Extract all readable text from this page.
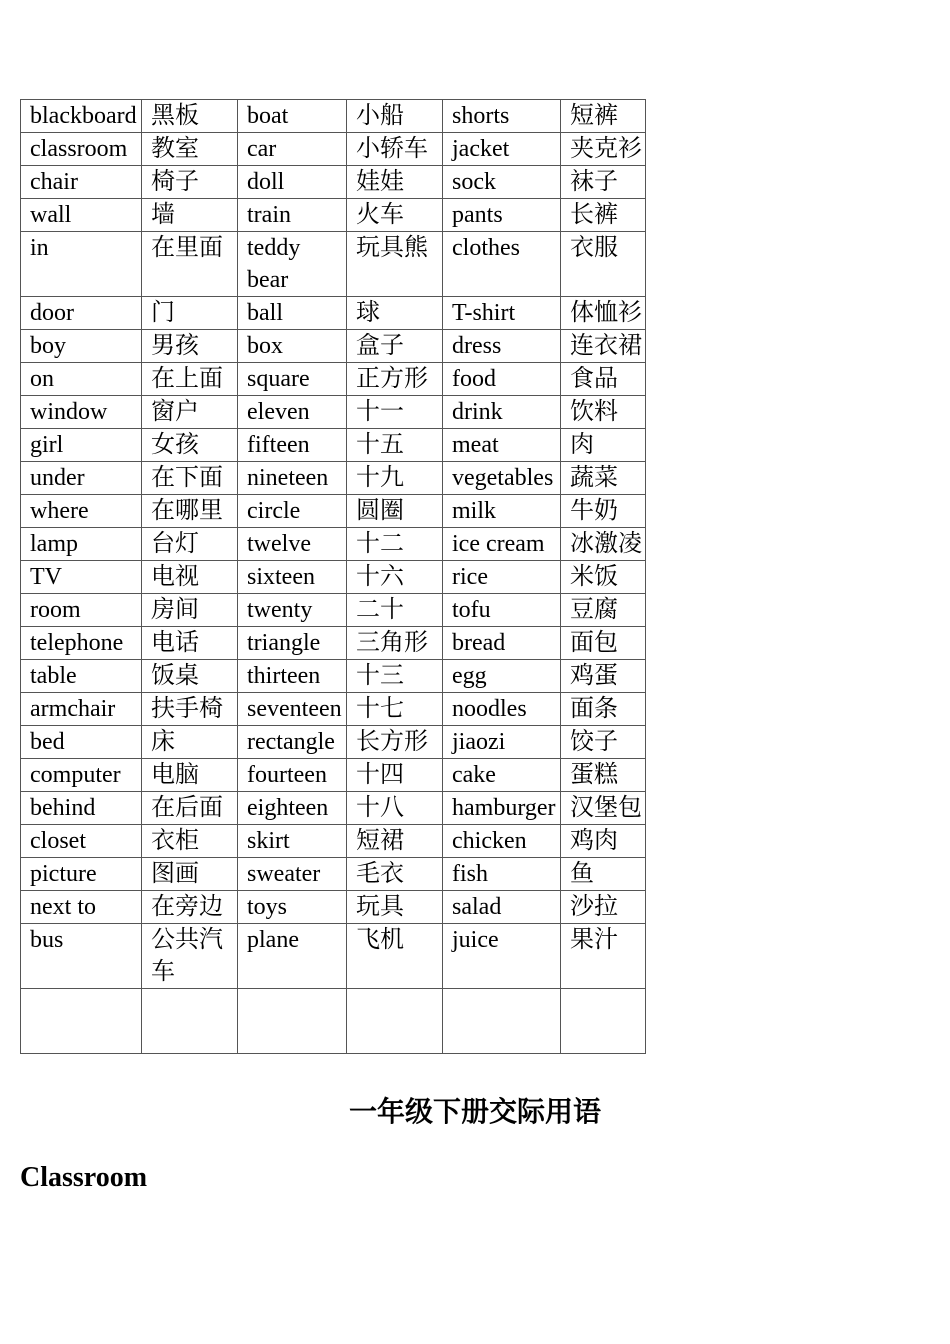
blackboard	黑板	boat	小船	shorts	短裤
classroom	教室	car	小轿车	jacket	夹克衫
chair	椅子	doll	娃娃	sock	袜子
wall	墙	train	火车	pants	长裤
in	在里面	teddy bear	玩具熊	clothes	衣服
door	门	ball	球	T-shirt	体恤衫
boy	男孩	box	盒子	dress	连衣裙
on	在上面	square	正方形	food	食品
window	窗户	eleven	十一	drink	饮料
girl	女孩	fifteen	十五	meat	肉
under	在下面	nineteen	十九	vegetables	蔬菜
where	在哪里	circle	圆圈	milk	牛奶
lamp	台灯	twelve	十二	ice cream	冰激凌
TV	电视	sixteen	十六	rice	米饭
room	房间	twenty	二十	tofu	豆腐
telephone	电话	triangle	三角形	bread	面包
table	饭桌	thirteen	十三	egg	鸡蛋
armchair	扶手椅	seventeen	十七	noodles	面条
bed	床	rectangle	长方形	jiaozi	饺子
computer	电脑	fourteen	十四	cake	蛋糕
behind	在后面	eighteen	十八	hamburger	汉堡包
closet	衣柜	skirt	短裙	chicken	鸡肉
picture	图画	sweater	毛衣	fish	鱼
next to	在旁边	toys	玩具	salad	沙拉
bus	公共汽车	plane	飞机	juice	果汁

一年级下册交际用语
Classroom
